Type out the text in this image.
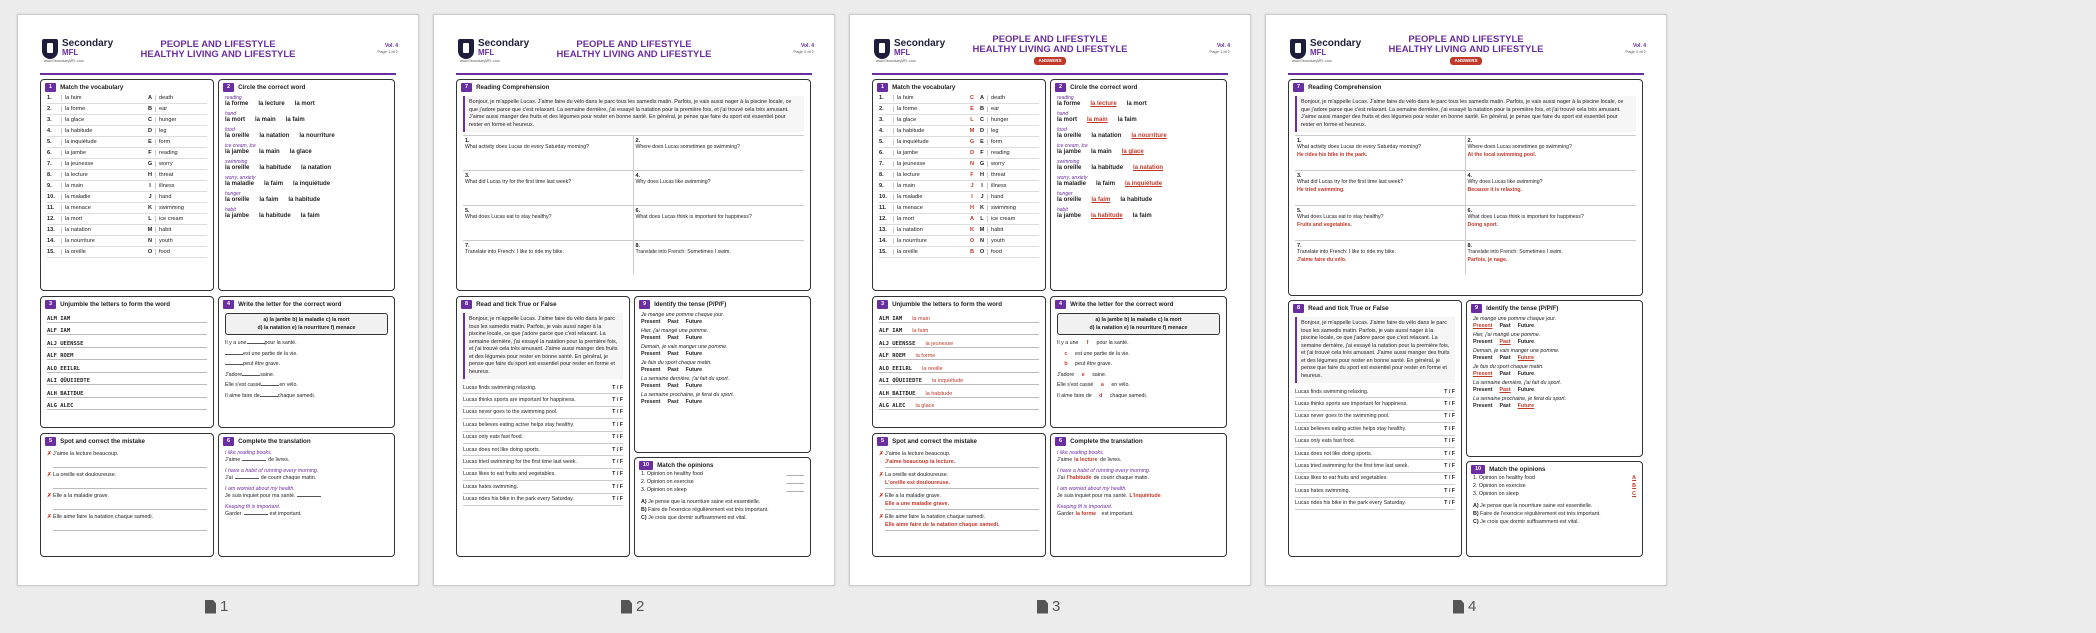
Secondary
MFL
www.SecondaryMFL.com
PEOPLE AND LIFESTYLE
HEALTHY LIVING AND LIFESTYLE
Vol. 4
Page 1 of 2
1	Match the vocabulary
1.	la faim	A	death
2.	la forme	B	ear
3.	la glace	C	hunger
4.	la habitude	D	leg
5.	la inquiétude	E	form
6.	la jambe	F	reading
7.	la jeunesse	G	worry
8.	la lecture	H	threat
9.	la main	I	illness
10.	la maladie	J	hand
11.	la menace	K	swimming
12.	la mort	L	ice cream
13.	la natation	M	habit
14.	la nourriture	N	youth
15.	la oreille	O	food
2	Circle the correct word
reading
la forme la lecture la mort
hand
la mort la main la faim
food
la oreille la natation la nourriture
ice cream, ice
la jambe la main la glace
swimming
la oreille la habitude la natation
worry, anxiety
la maladie la faim la inquiétude
hunger
la oreille la faim la habitude
habit
la jambe la habitude la faim
3	Unjumble the letters to form the word
ALM IAM
ALF IAM
ALJ UEENSSE
ALF ROEM
ALO EEILRL
ALI QÜUIIEDTE
ALH BAITDUE
ALG ALEC
4	Write the letter for the correct word
a) la jambe b) la maladie c) la mort
d) la natation e) la nourriture f) menace
Il y a une	pour la santé.
est une partie de la vie.
peut être grave.
J'adore	saine.
Elle s'est cassé	en vélo.
Il aime faire de	chaque samedi.
5	Spot and correct the mistake
✗ J'aime la lecture beaucoup.
✗ La oreille est douloureuse.
✗ Elle a la maladie grave.
✗ Elle aime faire la natation chaque samedi.
6	Complete the translation
I like reading books.
J'aime	de livres.
I have a habit of running every morning.
J'ai	de courir chaque matin.
I am worried about my health.
Je suis inquiet pour ma santé.
Keeping fit is important.
Garder	est important.
Secondary
MFL
www.SecondaryMFL.com
PEOPLE AND LIFESTYLE
HEALTHY LIVING AND LIFESTYLE
Vol. 4
Page 2 of 2
7	Reading Comprehension
Bonjour, je m'appelle Lucas. J'aime faire du vélo dans le parc tous les samedis matin. Parfois, je vais aussi nager à la piscine locale, ce que j'adore parce que c'est relaxant. La semaine dernière, j'ai essayé la natation pour la première fois, et j'ai trouvé cela très amusant. J'aime aussi manger des fruits et des légumes pour rester en bonne santé. En général, je pense que faire du sport est essentiel pour rester en forme et heureux.
1.
What activity does Lucas do every Saturday morning?
2.
Where does Lucas sometimes go swimming?
3.
What did Lucas try for the first time last week?
4.
Why does Lucas like swimming?
5.
What does Lucas eat to stay healthy?
6.
What does Lucas think is important for happiness?
7.
Translate into French: I like to ride my bike.
8.
Translate into French: Sometimes I swim.
8	Read and tick True or False
Bonjour, je m'appelle Lucas. J'aime faire du vélo dans le parc tous les samedis matin. Parfois, je vais aussi nager à la piscine locale, ce que j'adore parce que c'est relaxant. La semaine dernière, j'ai essayé la natation pour la première fois, et j'ai trouvé cela très amusant. J'aime aussi manger des fruits et des légumes pour rester en bonne santé. En général, je pense que faire du sport est essentiel pour rester en forme et heureux.
Lucas finds swimming relaxing.	T / F
Lucas thinks sports are important for happiness.	T / F
Lucas never goes to the swimming pool.	T / F
Lucas believes eating active helps stay healthy.	T / F
Lucas only eats fast food.	T / F
Lucas does not like doing sports.	T / F
Lucas tried swimming for the first time last week.	T / F
Lucas likes to eat fruits and vegetables.	T / F
Lucas hates swimming.	T / F
Lucas rides his bike in the park every Saturday.	T / F
9	Identify the tense (P/P/F)
Je mange une pomme chaque jour.
Present Past Future
Hier, j'ai mangé une pomme.
Present Past Future
Demain, je vais manger une pomme.
Present Past Future
Je fais du sport chaque matin.
Present Past Future
La semaine dernière, j'ai fait du sport.
Present Past Future
La semaine prochaine, je ferai du sport.
Present Past Future
10	Match the opinions
1. Opinion on healthy food	______
2. Opinion on exercise	______
3. Opinion on sleep	______
A) Je pense que la nourriture saine est essentielle.
B) Faire de l'exercice régulièrement est très important.
C) Je crois que dormir suffisamment est vital.
Secondary
MFL
www.SecondaryMFL.com
PEOPLE AND LIFESTYLE
HEALTHY LIVING AND LIFESTYLE
ANSWERS
Vol. 4
Page 1 of 2
1	Match the vocabulary
1.	la faim	C	A	death
2.	la forme	E	B	ear
3.	la glace	L	C	hunger
4.	la habitude	M	D	leg
5.	la inquiétude	G	E	form
6.	la jambe	D	F	reading
7.	la jeunesse	N	G	worry
8.	la lecture	F	H	threat
9.	la main	J	I	illness
10.	la maladie	I	J	hand
11.	la menace	H	K	swimming
12.	la mort	A	L	ice cream
13.	la natation	K	M	habit
14.	la nourriture	O	N	youth
15.	la oreille	B	O	food
2	Circle the correct word
reading
la forme la lecture la mort
hand
la mort la main la faim
food
la oreille la natation la nourriture
ice cream, ice
la jambe la main la glace
swimming
la oreille la habitude la natation
worry, anxiety
la maladie la faim la inquiétude
hunger
la oreille la faim la habitude
habit
la jambe la habitude la faim
3	Unjumble the letters to form the word
ALM IAM la main
ALF IAM la faim
ALJ UEENSSE la jeunesse
ALF ROEM la forme
ALO EEILRL la oreille
ALI QÜUIIEDTE la inquiétude
ALH BAITDUE la habitude
ALG ALEC la glace
4	Write the letter for the correct word
a) la jambe b) la maladie c) la mort
d) la natation e) la nourriture f) menace
Il y a une f pour la santé.
c est une partie de la vie.
b peut être grave.
J'adore e saine.
Elle s'est cassé a en vélo.
Il aime faire de d chaque samedi.
5	Spot and correct the mistake
✗ J'aime la lecture beaucoup.
J'aime beaucoup la lecture.
✗ La oreille est douloureuse.
L'oreille est douloureuse.
✗ Elle a la maladie grave.
Elle a une maladie grave.
✗ Elle aime faire la natation chaque samedi.
Elle aime faire de la natation chaque samedi.
6	Complete the translation
I like reading books.
J'aime la lecture de livres.
I have a habit of running every morning.
J'ai l'habitude de courir chaque matin.
I am worried about my health.
Je suis inquiet pour ma santé. L'inquiétude
Keeping fit is important.
Garder la forme est important.
Secondary
MFL
www.SecondaryMFL.com
PEOPLE AND LIFESTYLE
HEALTHY LIVING AND LIFESTYLE
ANSWERS
Vol. 4
Page 2 of 2
7	Reading Comprehension
Bonjour, je m'appelle Lucas. J'aime faire du vélo dans le parc tous les samedis matin. Parfois, je vais aussi nager à la piscine locale, ce que j'adore parce que c'est relaxant. La semaine dernière, j'ai essayé la natation pour la première fois, et j'ai trouvé cela très amusant. J'aime aussi manger des fruits et des légumes pour rester en bonne santé. En général, je pense que faire du sport est essentiel pour rester en forme et heureux.
1.
What activity does Lucas do every Saturday morning?
He rides his bike in the park.
2.
Where does Lucas sometimes go swimming?
At the local swimming pool.
3.
What did Lucas try for the first time last week?
He tried swimming.
4.
Why does Lucas like swimming?
Because it is relaxing.
5.
What does Lucas eat to stay healthy?
Fruits and vegetables.
6.
What does Lucas think is important for happiness?
Doing sport.
7.
Translate into French: I like to ride my bike.
J'aime faire du vélo.
8.
Translate into French: Sometimes I swim.
Parfois, je nage.
8	Read and tick True or False
Bonjour, je m'appelle Lucas. J'aime faire du vélo dans le parc tous les samedis matin. Parfois, je vais aussi nager à la piscine locale, ce que j'adore parce que c'est relaxant. La semaine dernière, j'ai essayé la natation pour la première fois, et j'ai trouvé cela très amusant. J'aime aussi manger des fruits et des légumes pour rester en bonne santé. En général, je pense que faire du sport est essentiel pour rester en forme et heureux.
Lucas finds swimming relaxing.	T / F
Lucas thinks sports are important for happiness.	T / F
Lucas never goes to the swimming pool.	T / F
Lucas believes eating active helps stay healthy.	T / F
Lucas only eats fast food.	T / F
Lucas does not like doing sports.	T / F
Lucas tried swimming for the first time last week.	T / F
Lucas likes to eat fruits and vegetables.	T / F
Lucas hates swimming.	T / F
Lucas rides his bike in the park every Saturday.	T / F
9	Identify the tense (P/P/F)
Je mange une pomme chaque jour.
Present Past Future
Hier, j'ai mangé une pomme.
Present Past Future
Demain, je vais manger une pomme.
Present Past Future
Je fais du sport chaque matin.
Present Past Future
La semaine dernière, j'ai fait du sport.
Present Past Future
La semaine prochaine, je ferai du sport.
Present Past Future
10	Match the opinions
1. Opinion on healthy food	A
2. Opinion on exercise	B
3. Opinion on sleep	C
A) Je pense que la nourriture saine est essentielle.
B) Faire de l'exercice régulièrement est très important.
C) Je crois que dormir suffisamment est vital.
1	2	3	4
